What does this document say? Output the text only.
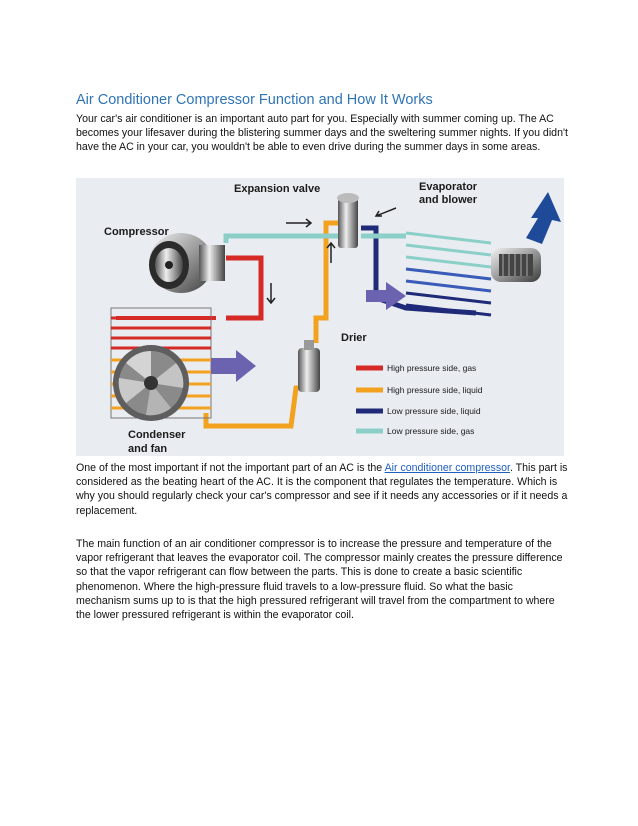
Air Conditioner Compressor Function and How It Works

Your car's air conditioner is an important auto part for you. Especially with summer coming up. The AC becomes your lifesaver during the blistering summer days and the sweltering summer nights. If you didn't have the AC in your car, you wouldn't be able to even drive during the summer days in some areas.

Expansion valve	Evaporator
and blower
Compressor
Drier
Condenser
and fan
High pressure side, gas
High pressure side, liquid
Low pressure side, liquid
Low pressure side, gas

One of the most important if not the important part of an AC is the Air conditioner compressor. This part is considered as the beating heart of the AC. It is the component that regulates the temperature. Which is why you should regularly check your car's compressor and see if it needs any accessories or if it needs a replacement.

The main function of an air conditioner compressor is to increase the pressure and temperature of the vapor refrigerant that leaves the evaporator coil. The compressor mainly creates the pressure difference so that the vapor refrigerant can flow between the parts. This is done to create a basic scientific phenomenon. Where the high-pressure fluid travels to a low-pressure fluid. So what the basic mechanism sums up to is that the high pressured refrigerant will travel from the compartment to where the lower pressured refrigerant is within the evaporator coil.
